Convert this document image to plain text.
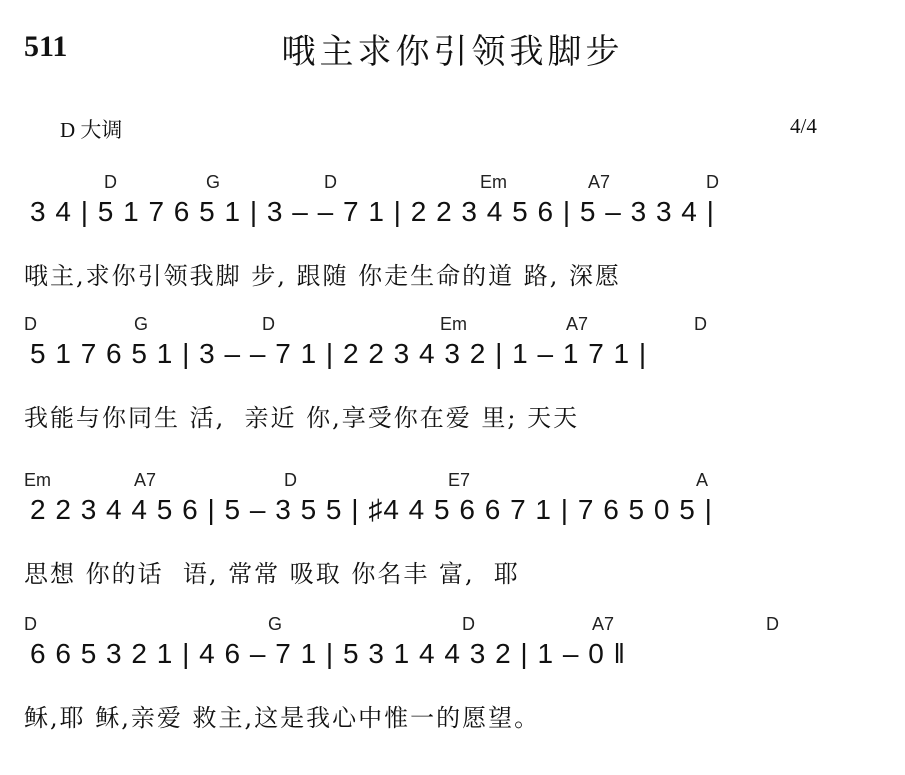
511	哦主求你引领我脚步
D 大调	4/4
D	G	D	Em	A7	D
3 4 | 5 1 7 6 5 1 | 3 – – 7 1 | 2 2 3 4 5 6 | 5 – 3 3 4 |
哦主,求你引领我脚 步, 跟随 你走生命的道 路, 深愿
D	G	D	Em	A7	D
5 1 7 6 5 1 | 3 – – 7 1 | 2 2 3 4 3 2 | 1 – 1 7 1 |
我能与你同生 活,  亲近 你,享受你在爱 里; 天天
Em	A7	D	E7	A
2 2 3 4 4 5 6 | 5 – 3 5 5 | ♯4 4 5 6 6 7 1 | 7 6 5 0 5 |
思想 你的话  语, 常常 吸取 你名丰 富,  耶
D	G	D	A7	D
6 6 5 3 2 1 | 4 6 – 7 1 | 5 3 1 4 4 3 2 | 1 – 0 ‖
稣,耶 稣,亲爱 救主,这是我心中惟一的愿望。
